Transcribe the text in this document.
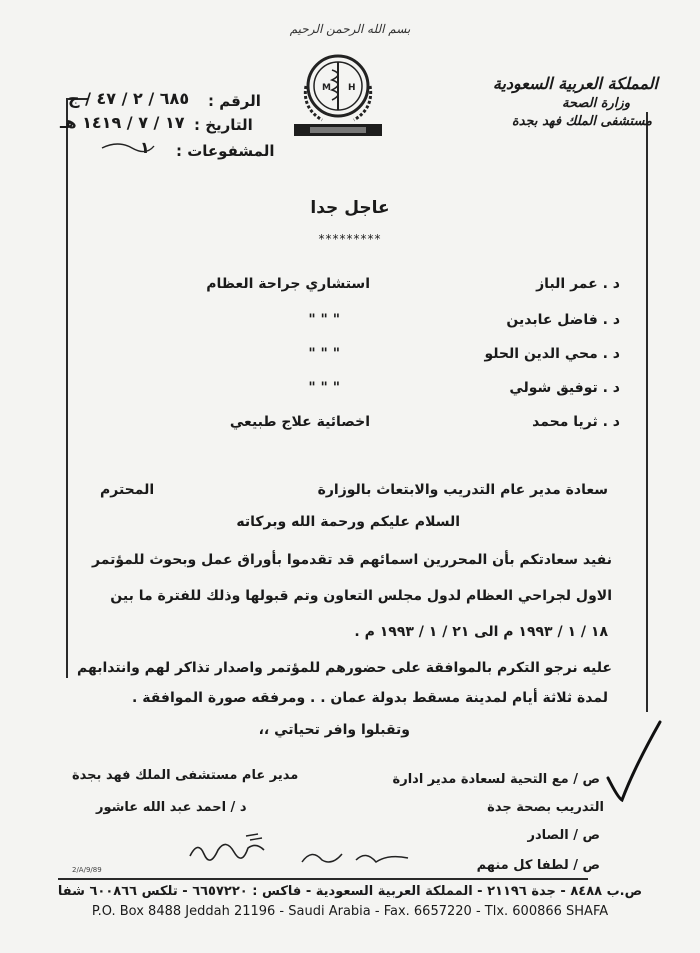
بسم الله الرحمن الرحيم
المملكة العربية السعودية
وزارة الصحة
مستشفى الملك فهد بجدة
M H
الرقم :
٦٨٥ / ٢ / ٤٧ / ج
التاريخ :
١٧ / ٧ / ١٤١٩ هـ
المشفوعات :
١
عاجل جدا
*********
د . عمر الباز
استشاري جراحة العظام
د . فاضل عابدين
" " "
د . محي الدين الحلو
" " "
د . توفيق شولي
" " "
د . ثريا محمد
اخصائية علاج طبيعي
سعادة مدير عام التدريب والابتعاث بالوزارة
المحترم
السلام عليكم ورحمة الله وبركاته
نفيد سعادتكم بأن المحررين اسمائهم قد تقدموا بأوراق عمل وبحوث للمؤتمر
الاول لجراحي العظام لدول مجلس التعاون وتم قبولها وذلك للفترة ما بين
١٨ / ١ / ١٩٩٣ م الى ٢١ / ١ / ١٩٩٣ م .
عليه نرجو التكرم بالموافقة على حضورهم للمؤتمر واصدار تذاكر لهم وانتدابهم
لمدة ثلاثة أيام لمدينة مسقط بدولة عمان . . ومرفقه صورة الموافقة .
وتقبلوا وافر تحياتي ،،
مدير عام مستشفى الملك فهد بجدة
د / احمد عبد الله عاشور
ص / مع التحية لسعادة مدير ادارة
التدريب بصحة جدة
ص / الصادر
ص / لطفا كل منهم
2/A/9/89
ص.ب ٨٤٨٨ - جدة ٢١١٩٦ - المملكة العربية السعودية - فاكس : ٦٦٥٧٢٢٠ - تلكس ٦٠٠٨٦٦ شفا
P.O. Box 8488 Jeddah 21196 - Saudi Arabia - Fax. 6657220 - Tlx. 600866 SHAFA
